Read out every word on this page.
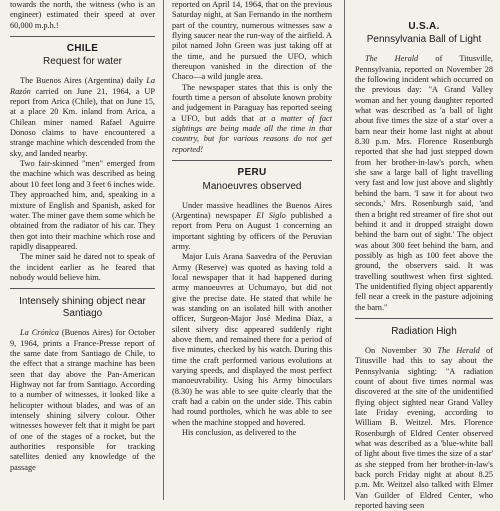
towards the north, the witness (who is an engineer) estimated their speed at over 60,000 m.p.h.!

CHILE
Request for water

The Buenos Aires (Argentina) daily La Razón carried on June 21, 1964, a UP report from Arica (Chile), that on June 15, at a place 20 Km. inland from Arica, a Chilean miner named Rafael Aguirre Donoso claims to have encountered a strange machine which descended from the sky, and landed nearby.

Two fair-skinned "men" emerged from the machine which was described as being about 10 feet long and 3 feet 6 inches wide. They approached him, and, speaking in a mixture of English and Spanish, asked for water. The miner gave them some which he obtained from the radiator of his car. They then got into their machine which rose and rapidly disappeared.

The miner said he dared not to speak of the incident earlier as he feared that nobody would believe him.

Intensely shining object near Santiago

La Crónica (Buenos Aires) for October 9, 1964, prints a France-Presse report of the same date from Santiago de Chile, to the effect that a strange machine has been seen that day above the Pan-American Highway not far from Santiago. According to a number of witnesses, it looked like a helicopter without blades, and was of an intensely shining silvery colour. Other witnesses however felt that it might be part of one of the stages of a rocket, but the authorities responsible for tracking satellites denied any knowledge of the passage

reported on April 14, 1964, that on the previous Saturday night, at San Fernando in the northern part of the country, numerous witnesses saw a flying saucer near the run-way of the airfield. A pilot named John Green was just taking off at the time, and he pursued the UFO, which thereupon vanished in the direction of the Chaco—a wild jungle area.

The newspaper states that this is only the fourth time a person of absolute known probity and judgement in Paraguay has reported seeing a UFO, but adds that at a matter of fact sightings are being made all the time in that country, but for various reasons do not get reported!

PERU
Manoeuvres observed

Under massive headlines the Buenos Aires (Argentina) newspaper El Siglo published a report from Peru on August 1 concerning an important sighting by officers of the Peruvian army.

Major Luis Arana Saavedra of the Peruvian Army (Reserve) was quoted as having told a local newspaper that it had happened during army manoeuvres at Uchumayo, but did not give the precise date. He stated that while he was standing on an isolated hill with another officer, Surgeon-Major José Medina Díaz, a silent silvery disc appeared suddenly right above them, and remained there for a period of five minutes, checked by his watch. During this time the craft performed various evolutions at varying speeds, and displayed the most perfect manoeuvrability. Using his Army binoculars (8.30) he was able to see quite clearly that the craft had a cabin on the under side. This cabin had round portholes, which he was able to see when the machine stopped and hovered.

His conclusion, as delivered to the

U.S.A.
Pennsylvania Ball of Light

The Herald of Titusville, Pennsylvania, reported on November 28 the following incident which occurred on the previous day: "A Grand Valley woman and her young daughter reported what was described as 'a ball of light about five times the size of a star' over a barn near their home last night at about 8.30 p.m. Mrs. Florence Rosenburgh reported that she had just stepped down from her brother-in-law's porch, when she saw a large ball of light travelling very fast and low just above and slightly behind the barn. 'I saw it for about two seconds,' Mrs. Rosenburgh said, 'and then a bright red streamer of fire shot out behind it and it dropped straight down behind the barn out of sight.' The object was about 300 feet behind the barn, and possibly as high as 100 feet above the ground, the observers said. It was travelling southwest when first sighted. The unidentified flying object apparently fell near a creek in the pasture adjoining the barn."

Radiation High

On November 30 The Herald of Titusville had this to say about the Pennsylvania sighting: "A radiation count of about five times normal was discovered at the site of the unidentified flying object sighted near Grand Valley late Friday evening, according to William B. Weitzel. Mrs. Florence Rosenburgh of Eldred Center observed what was described as a 'blue-white ball of light about five times the size of a star' as she stepped from her brother-in-law's back porch Friday night at about 8.25 p.m. Mr. Weitzel also talked with Elmer Van Guilder of Eldred Center, who reported having seen
